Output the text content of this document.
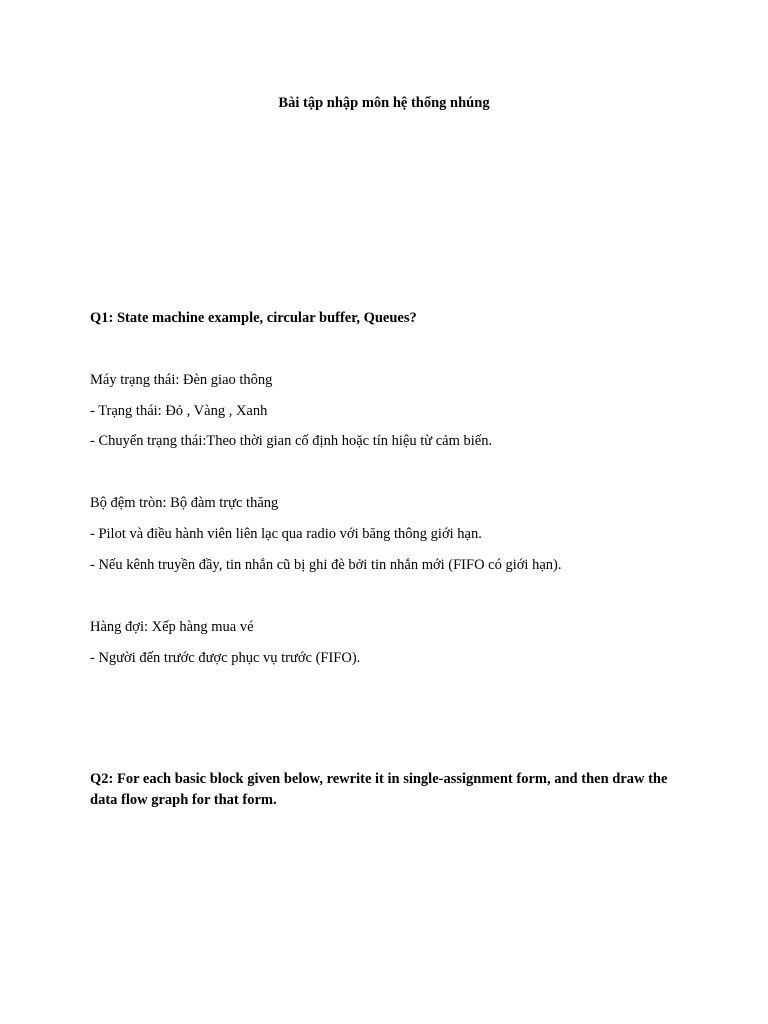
Bài tập nhập môn hệ thống nhúng
Q1: State machine example, circular buffer, Queues?
Máy trạng thái: Đèn giao thông
- Trạng thái: Đỏ , Vàng , Xanh
- Chuyển trạng thái:Theo thời gian cố định hoặc tín hiệu từ cảm biến.
Bộ đệm tròn: Bộ đàm trực thăng
- Pilot và điều hành viên liên lạc qua radio với băng thông giới hạn.
- Nếu kênh truyền đầy, tin nhắn cũ bị ghi đè bởi tin nhắn mới (FIFO có giới hạn).
Hàng đợi: Xếp hàng mua vé
- Người đến trước được phục vụ trước (FIFO).
Q2: For each basic block given below, rewrite it in single-assignment form, and then draw the data flow graph for that form.
